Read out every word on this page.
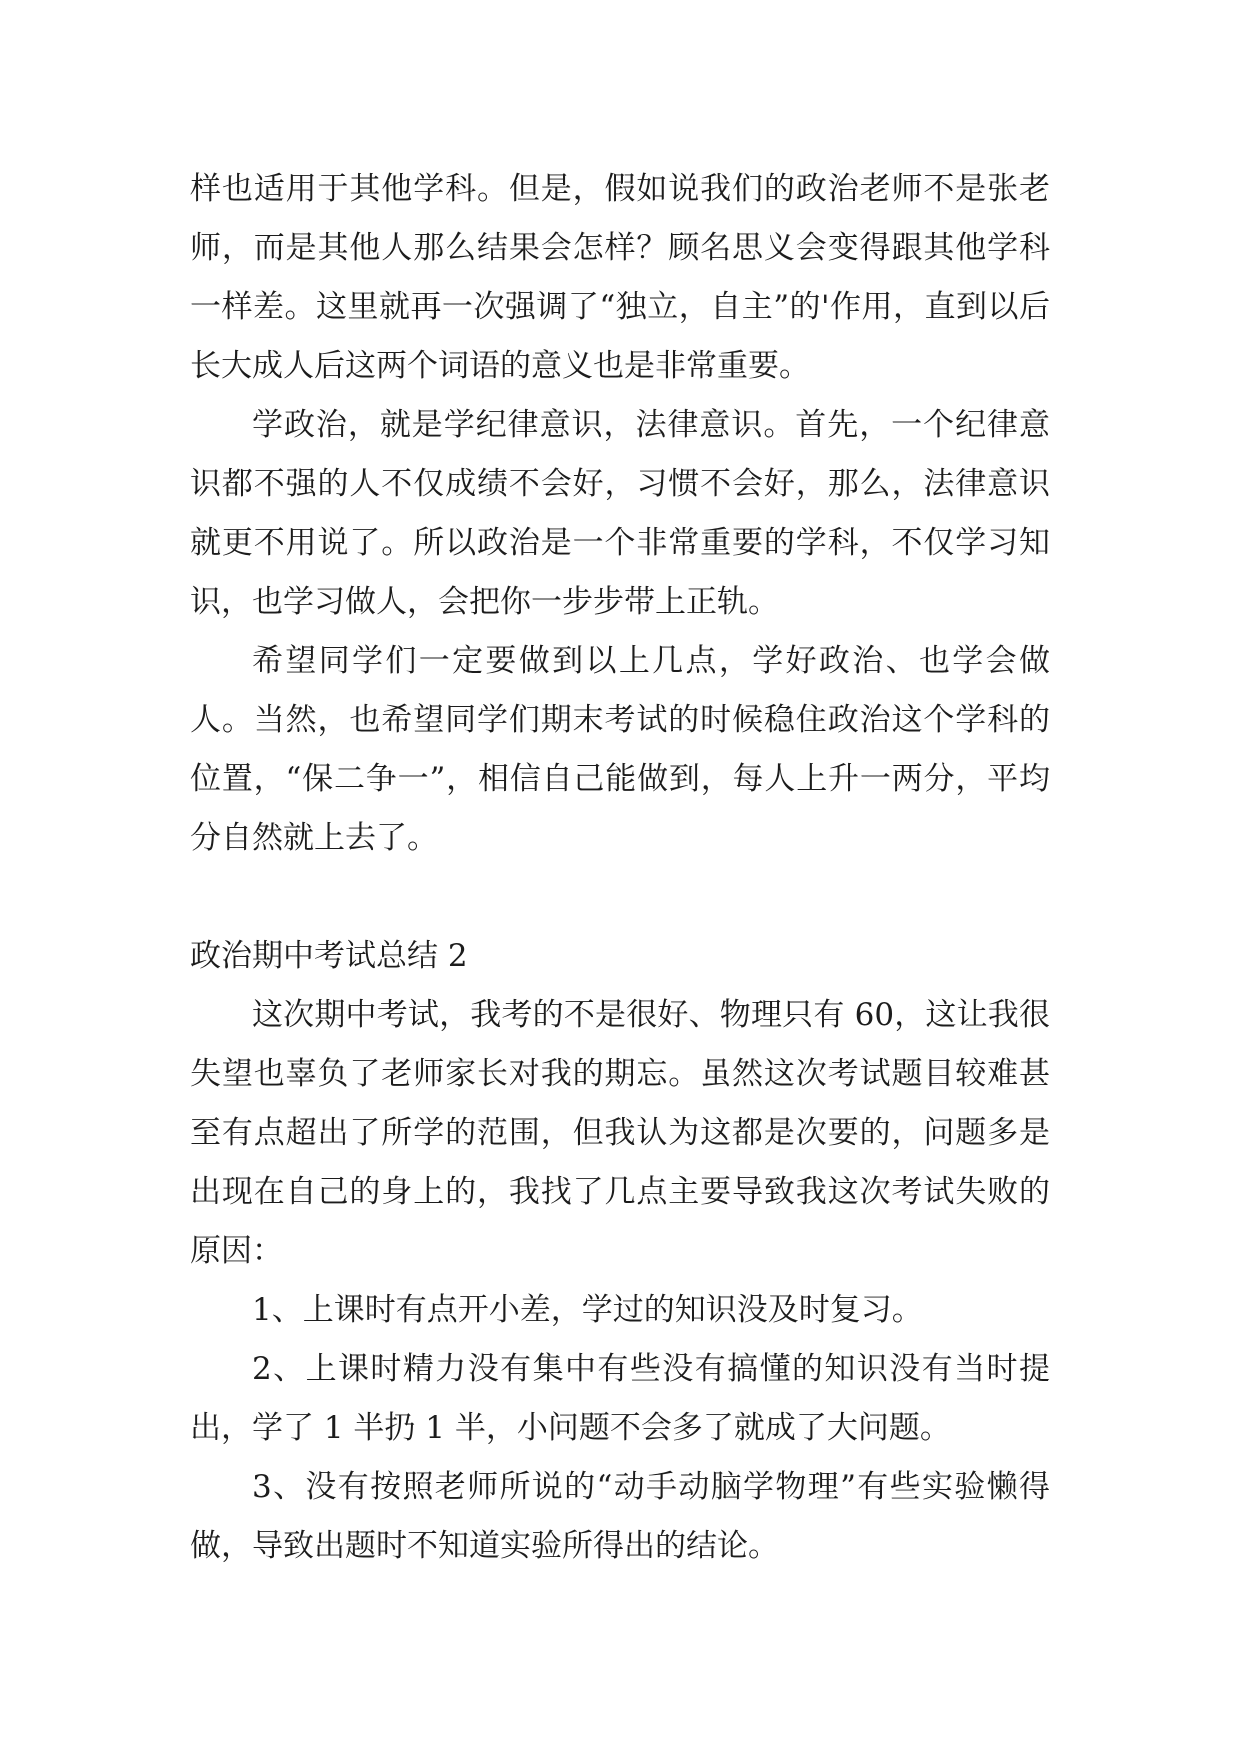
样也适用于其他学科。但是，假如说我们的政治老师不是张老师，而是其他人那么结果会怎样？顾名思义会变得跟其他学科一样差。这里就再一次强调了“独立，自主”的'作用，直到以后长大成人后这两个词语的意义也是非常重要。

学政治，就是学纪律意识，法律意识。首先，一个纪律意识都不强的人不仅成绩不会好，习惯不会好，那么，法律意识就更不用说了。所以政治是一个非常重要的学科，不仅学习知识，也学习做人，会把你一步步带上正轨。

希望同学们一定要做到以上几点，学好政治、也学会做人。当然，也希望同学们期末考试的时候稳住政治这个学科的位置，“保二争一”，相信自己能做到，每人上升一两分，平均分自然就上去了。

政治期中考试总结 2

这次期中考试，我考的不是很好、物理只有 60，这让我很失望也辜负了老师家长对我的期忘。虽然这次考试题目较难甚至有点超出了所学的范围，但我认为这都是次要的，问题多是出现在自己的身上的，我找了几点主要导致我这次考试失败的原因：

1、上课时有点开小差，学过的知识没及时复习。

2、上课时精力没有集中有些没有搞懂的知识没有当时提出，学了 1 半扔 1 半，小问题不会多了就成了大问题。

3、没有按照老师所说的“动手动脑学物理”有些实验懒得做，导致出题时不知道实验所得出的结论。
